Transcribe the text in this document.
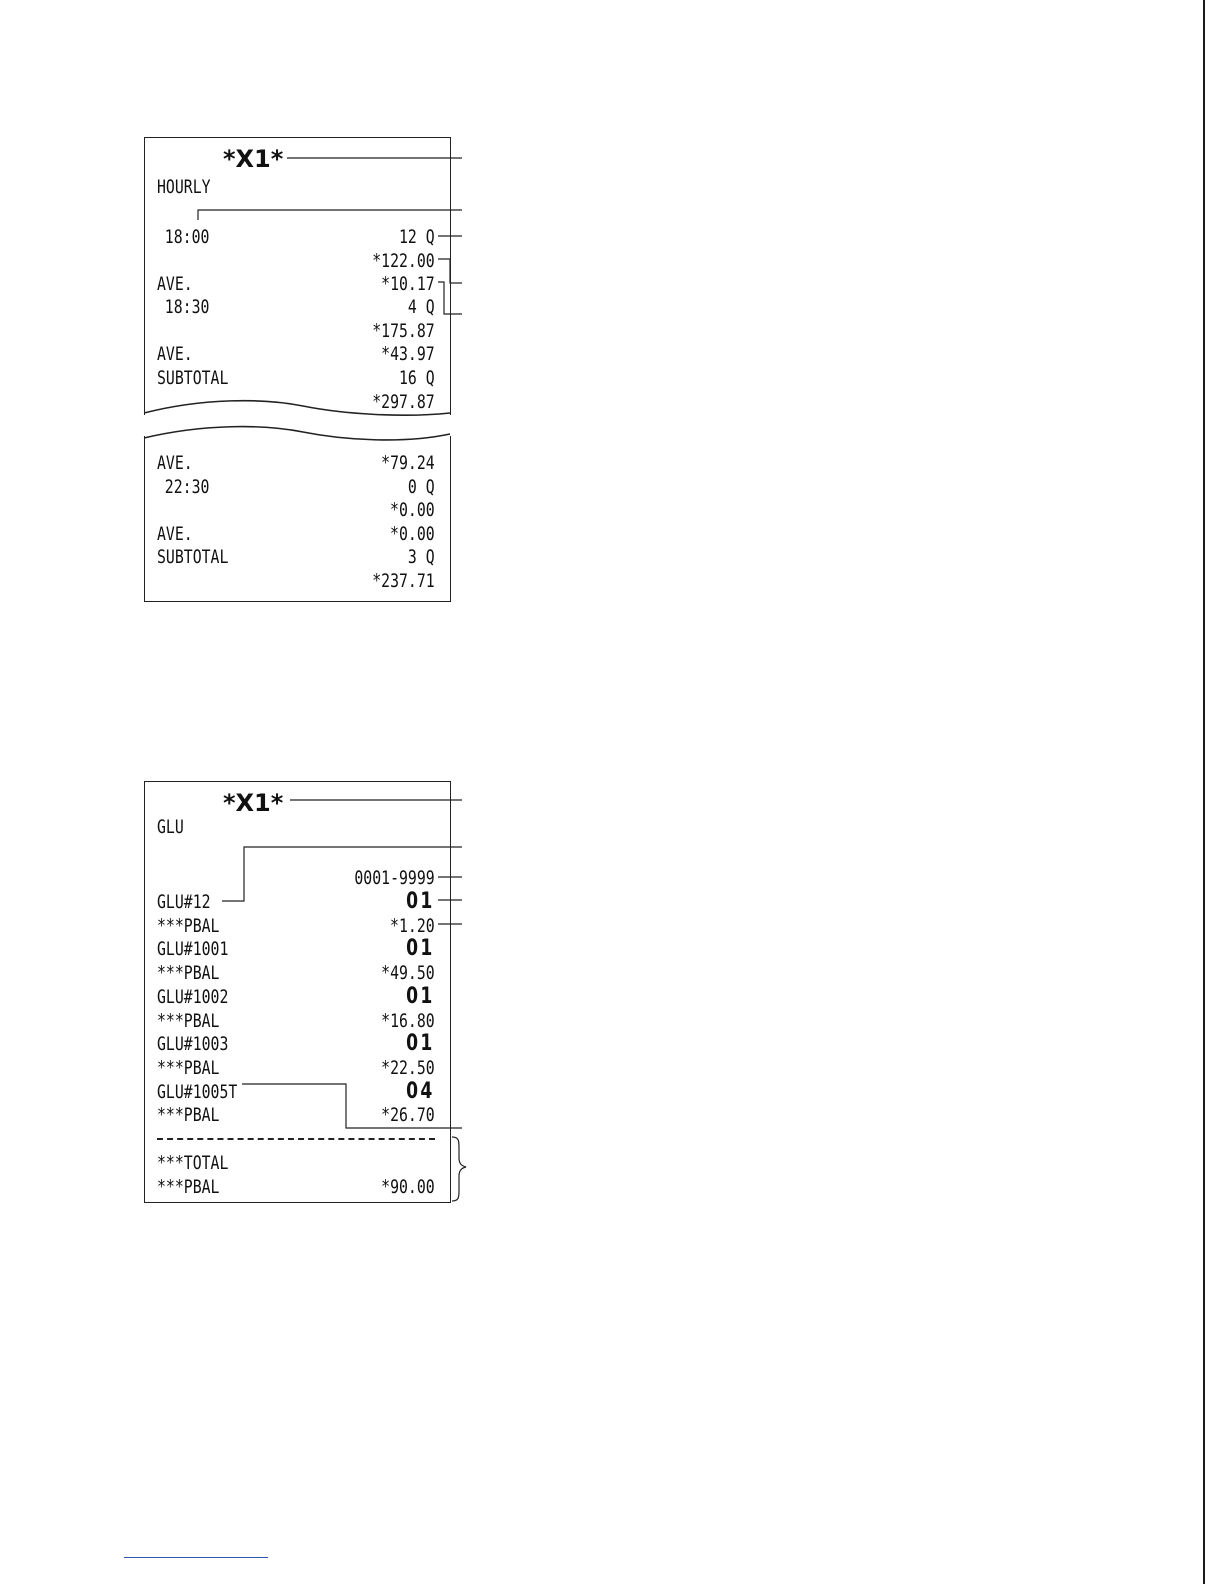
*X1*
HOURLY
18:00	12 Q
*122.00
AVE.	*10.17
18:30	4 Q
*175.87
AVE.	*43.97
SUBTOTAL	16 Q
*297.87
AVE.	*79.24
22:30	0 Q
*0.00
AVE.	*0.00
SUBTOTAL	3 Q
*237.71
*X1*
GLU
0001-9999
GLU#12	01
***PBAL	*1.20
GLU#1001	01
***PBAL	*49.50
GLU#1002	01
***PBAL	*16.80
GLU#1003	01
***PBAL	*22.50
GLU#1005T	04
***PBAL	*26.70
***TOTAL
***PBAL	*90.00
